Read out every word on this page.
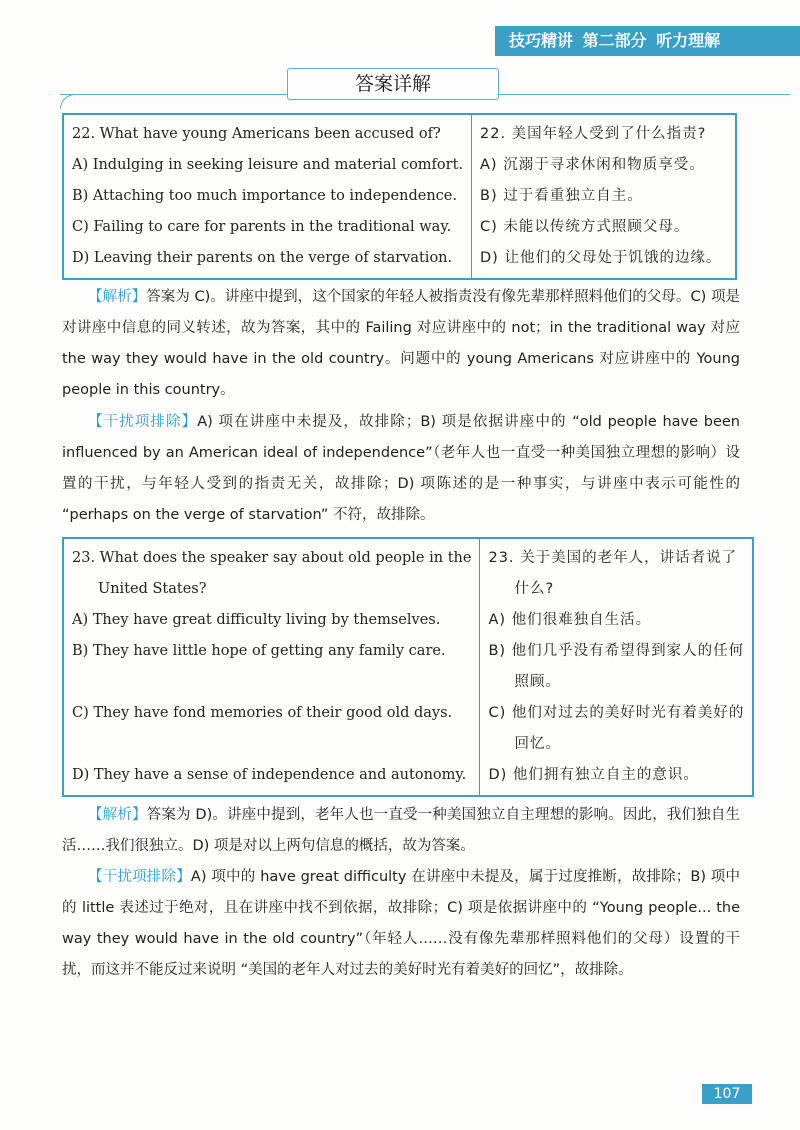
技巧精讲 第二部分 听力理解
答案详解
22. What have young Americans been accused of?
A) Indulging in seeking leisure and material comfort.
B) Attaching too much importance to independence.
C) Failing to care for parents in the traditional way.
D) Leaving their parents on the verge of starvation.

22. 美国年轻人受到了什么指责?
A) 沉溺于寻求休闲和物质享受。
B) 过于看重独立自主。
C) 未能以传统方式照顾父母。
D) 让他们的父母处于饥饿的边缘。
【解析】答案为 C)。讲座中提到，这个国家的年轻人被指责没有像先辈那样照料他们的父母。C) 项是对讲座中信息的同义转述，故为答案，其中的 Failing 对应讲座中的 not；in the traditional way 对应 the way they would have in the old country。问题中的 young Americans 对应讲座中的 Young people in this country。
【干扰项排除】A) 项在讲座中未提及，故排除；B) 项是依据讲座中的 “old people have been influenced by an American ideal of independence”（老年人也一直受一种美国独立理想的影响）设置的干扰，与年轻人受到的指责无关，故排除；D) 项陈述的是一种事实，与讲座中表示可能性的 “perhaps on the verge of starvation” 不符，故排除。
23. What does the speaker say about old people in the
United States?
A) They have great difficulty living by themselves.
B) They have little hope of getting any family care.

C) They have fond memories of their good old days.

D) They have a sense of independence and autonomy.

23. 关于美国的老年人，讲话者说了
什么?
A) 他们很难独自生活。
B) 他们几乎没有希望得到家人的任何
照顾。
C) 他们对过去的美好时光有着美好的
回忆。
D) 他们拥有独立自主的意识。
【解析】答案为 D)。讲座中提到，老年人也一直受一种美国独立自主理想的影响。因此，我们独自生活……我们很独立。D) 项是对以上两句信息的概括，故为答案。
【干扰项排除】A) 项中的 have great difficulty 在讲座中未提及，属于过度推断，故排除；B) 项中的 little 表述过于绝对，且在讲座中找不到依据，故排除；C) 项是依据讲座中的 “Young people... the way they would have in the old country”（年轻人……没有像先辈那样照料他们的父母）设置的干扰，而这并不能反过来说明 “美国的老年人对过去的美好时光有着美好的回忆”，故排除。
107
